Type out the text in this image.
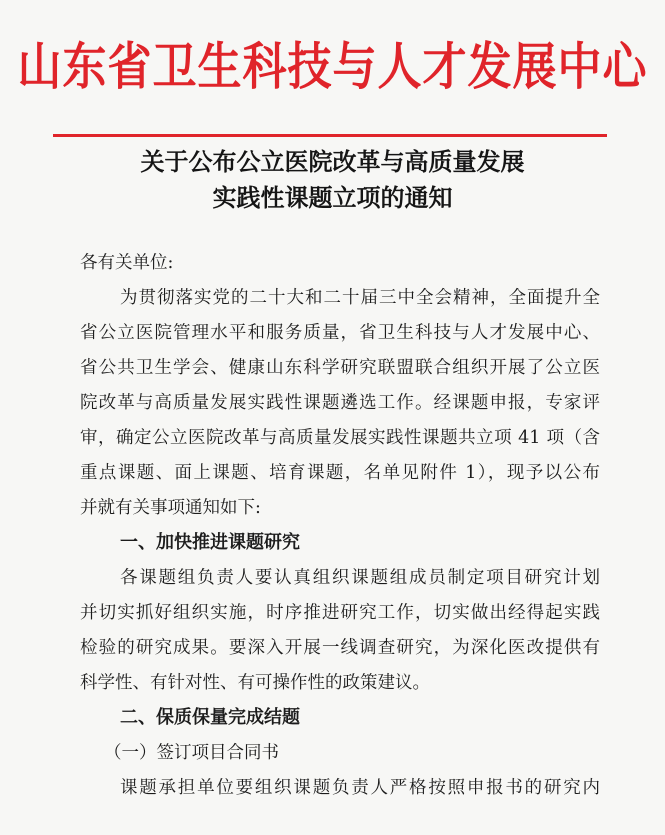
山东省卫生科技与人才发展中心
关于公布公立医院改革与高质量发展
实践性课题立项的通知
各有关单位:
为贯彻落实党的二十大和二十届三中全会精神，全面提升全
省公立医院管理水平和服务质量，省卫生科技与人才发展中心、
省公共卫生学会、健康山东科学研究联盟联合组织开展了公立医
院改革与高质量发展实践性课题遴选工作。经课题申报，专家评
审，确定公立医院改革与高质量发展实践性课题共立项 41 项（含
重点课题、面上课题、培育课题，名单见附件 1），现予以公布
并就有关事项通知如下:
一、加快推进课题研究
各课题组负责人要认真组织课题组成员制定项目研究计划
并切实抓好组织实施，时序推进研究工作，切实做出经得起实践
检验的研究成果。要深入开展一线调查研究，为深化医改提供有
科学性、有针对性、有可操作性的政策建议。
二、保质保量完成结题
（一）签订项目合同书
课题承担单位要组织课题负责人严格按照申报书的研究内
